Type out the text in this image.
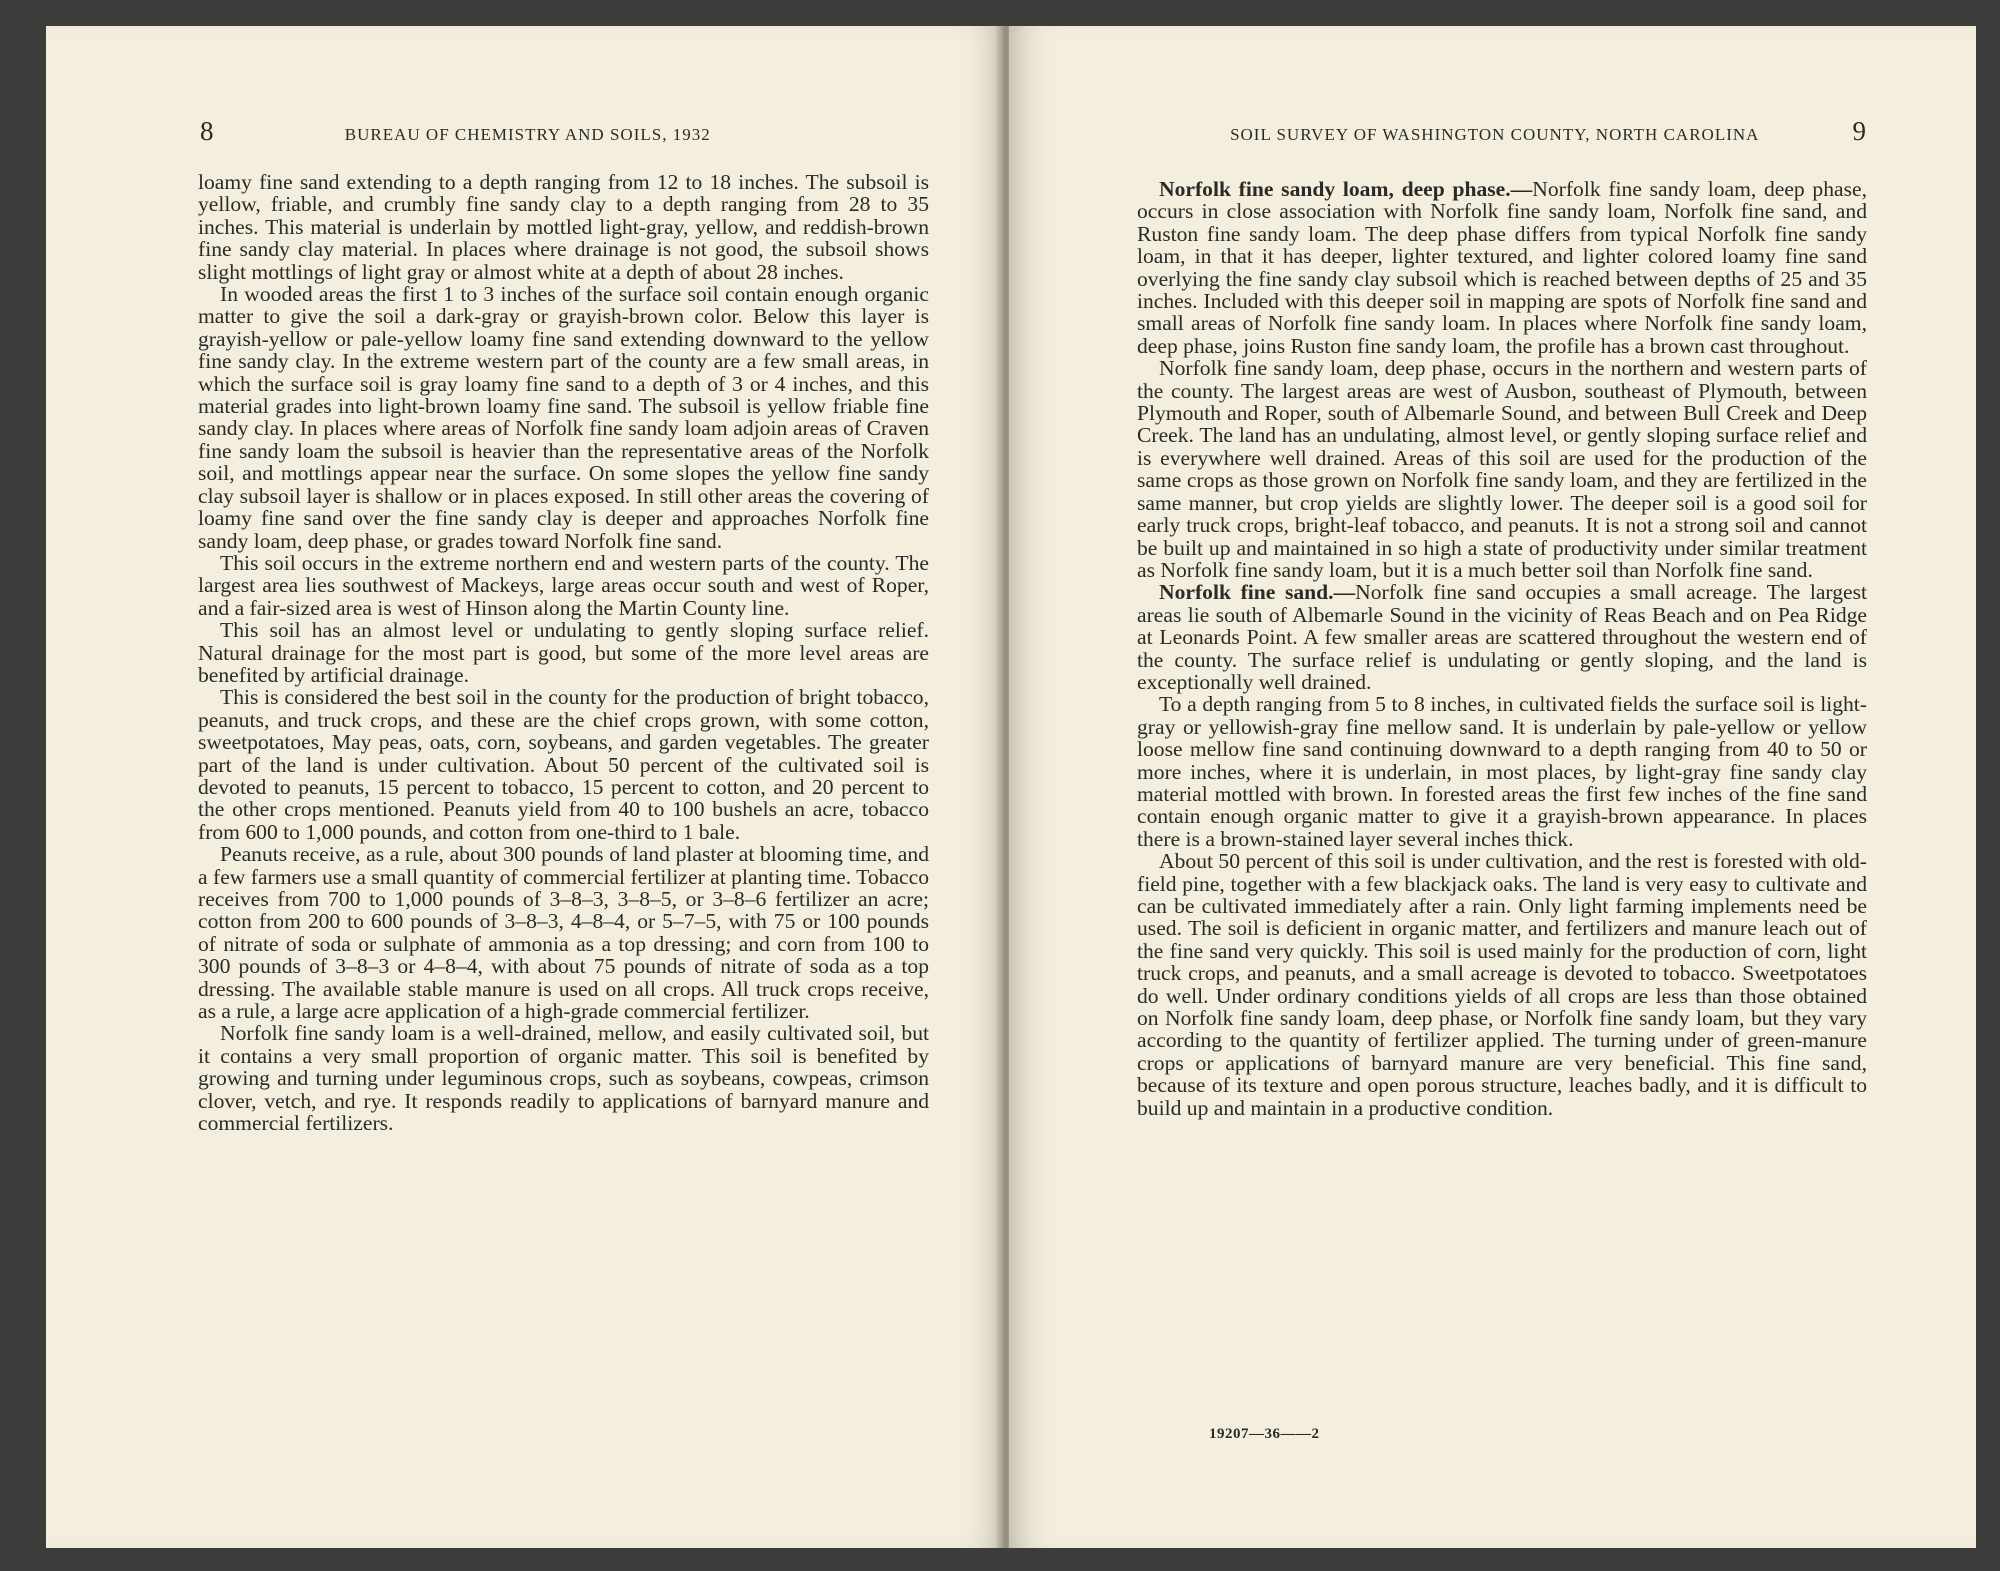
8	BUREAU OF CHEMISTRY AND SOILS, 1932

loamy fine sand extending to a depth ranging from 12 to 18 inches. The subsoil is yellow, friable, and crumbly fine sandy clay to a depth ranging from 28 to 35 inches. This material is underlain by mottled light-gray, yellow, and reddish-brown fine sandy clay material. In places where drainage is not good, the subsoil shows slight mottlings of light gray or almost white at a depth of about 28 inches.

In wooded areas the first 1 to 3 inches of the surface soil contain enough organic matter to give the soil a dark-gray or grayish-brown color. Below this layer is grayish-yellow or pale-yellow loamy fine sand extending downward to the yellow fine sandy clay. In the extreme western part of the county are a few small areas, in which the surface soil is gray loamy fine sand to a depth of 3 or 4 inches, and this material grades into light-brown loamy fine sand. The subsoil is yellow friable fine sandy clay. In places where areas of Norfolk fine sandy loam adjoin areas of Craven fine sandy loam the subsoil is heavier than the representative areas of the Norfolk soil, and mottlings appear near the surface. On some slopes the yellow fine sandy clay subsoil layer is shallow or in places exposed. In still other areas the covering of loamy fine sand over the fine sandy clay is deeper and approaches Norfolk fine sandy loam, deep phase, or grades toward Norfolk fine sand.

This soil occurs in the extreme northern end and western parts of the county. The largest area lies southwest of Mackeys, large areas occur south and west of Roper, and a fair-sized area is west of Hinson along the Martin County line.

This soil has an almost level or undulating to gently sloping surface relief. Natural drainage for the most part is good, but some of the more level areas are benefited by artificial drainage.

This is considered the best soil in the county for the production of bright tobacco, peanuts, and truck crops, and these are the chief crops grown, with some cotton, sweetpotatoes, May peas, oats, corn, soybeans, and garden vegetables. The greater part of the land is under cultivation. About 50 percent of the cultivated soil is devoted to peanuts, 15 percent to tobacco, 15 percent to cotton, and 20 percent to the other crops mentioned. Peanuts yield from 40 to 100 bushels an acre, tobacco from 600 to 1,000 pounds, and cotton from one-third to 1 bale.

Peanuts receive, as a rule, about 300 pounds of land plaster at blooming time, and a few farmers use a small quantity of commercial fertilizer at planting time. Tobacco receives from 700 to 1,000 pounds of 3–8–3, 3–8–5, or 3–8–6 fertilizer an acre; cotton from 200 to 600 pounds of 3–8–3, 4–8–4, or 5–7–5, with 75 or 100 pounds of nitrate of soda or sulphate of ammonia as a top dressing; and corn from 100 to 300 pounds of 3–8–3 or 4–8–4, with about 75 pounds of nitrate of soda as a top dressing. The available stable manure is used on all crops. All truck crops receive, as a rule, a large acre application of a high-grade commercial fertilizer.

Norfolk fine sandy loam is a well-drained, mellow, and easily cultivated soil, but it contains a very small proportion of organic matter. This soil is benefited by growing and turning under leguminous crops, such as soybeans, cowpeas, crimson clover, vetch, and rye. It responds readily to applications of barnyard manure and commercial fertilizers.

SOIL SURVEY OF WASHINGTON COUNTY, NORTH CAROLINA	9

Norfolk fine sandy loam, deep phase.—Norfolk fine sandy loam, deep phase, occurs in close association with Norfolk fine sandy loam, Norfolk fine sand, and Ruston fine sandy loam. The deep phase differs from typical Norfolk fine sandy loam, in that it has deeper, lighter textured, and lighter colored loamy fine sand overlying the fine sandy clay subsoil which is reached between depths of 25 and 35 inches. Included with this deeper soil in mapping are spots of Norfolk fine sand and small areas of Norfolk fine sandy loam. In places where Norfolk fine sandy loam, deep phase, joins Ruston fine sandy loam, the profile has a brown cast throughout.

Norfolk fine sandy loam, deep phase, occurs in the northern and western parts of the county. The largest areas are west of Ausbon, southeast of Plymouth, between Plymouth and Roper, south of Albemarle Sound, and between Bull Creek and Deep Creek. The land has an undulating, almost level, or gently sloping surface relief and is everywhere well drained. Areas of this soil are used for the production of the same crops as those grown on Norfolk fine sandy loam, and they are fertilized in the same manner, but crop yields are slightly lower. The deeper soil is a good soil for early truck crops, bright-leaf tobacco, and peanuts. It is not a strong soil and cannot be built up and maintained in so high a state of productivity under similar treatment as Norfolk fine sandy loam, but it is a much better soil than Norfolk fine sand.

Norfolk fine sand.—Norfolk fine sand occupies a small acreage. The largest areas lie south of Albemarle Sound in the vicinity of Reas Beach and on Pea Ridge at Leonards Point. A few smaller areas are scattered throughout the western end of the county. The surface relief is undulating or gently sloping, and the land is exceptionally well drained.

To a depth ranging from 5 to 8 inches, in cultivated fields the surface soil is light-gray or yellowish-gray fine mellow sand. It is underlain by pale-yellow or yellow loose mellow fine sand continuing downward to a depth ranging from 40 to 50 or more inches, where it is underlain, in most places, by light-gray fine sandy clay material mottled with brown. In forested areas the first few inches of the fine sand contain enough organic matter to give it a grayish-brown appearance. In places there is a brown-stained layer several inches thick.

About 50 percent of this soil is under cultivation, and the rest is forested with old-field pine, together with a few blackjack oaks. The land is very easy to cultivate and can be cultivated immediately after a rain. Only light farming implements need be used. The soil is deficient in organic matter, and fertilizers and manure leach out of the fine sand very quickly. This soil is used mainly for the production of corn, light truck crops, and peanuts, and a small acreage is devoted to tobacco. Sweetpotatoes do well. Under ordinary conditions yields of all crops are less than those obtained on Norfolk fine sandy loam, deep phase, or Norfolk fine sandy loam, but they vary according to the quantity of fertilizer applied. The turning under of green-manure crops or applications of barnyard manure are very beneficial. This fine sand, because of its texture and open porous structure, leaches badly, and it is difficult to build up and maintain in a productive condition.

19207—36——2
